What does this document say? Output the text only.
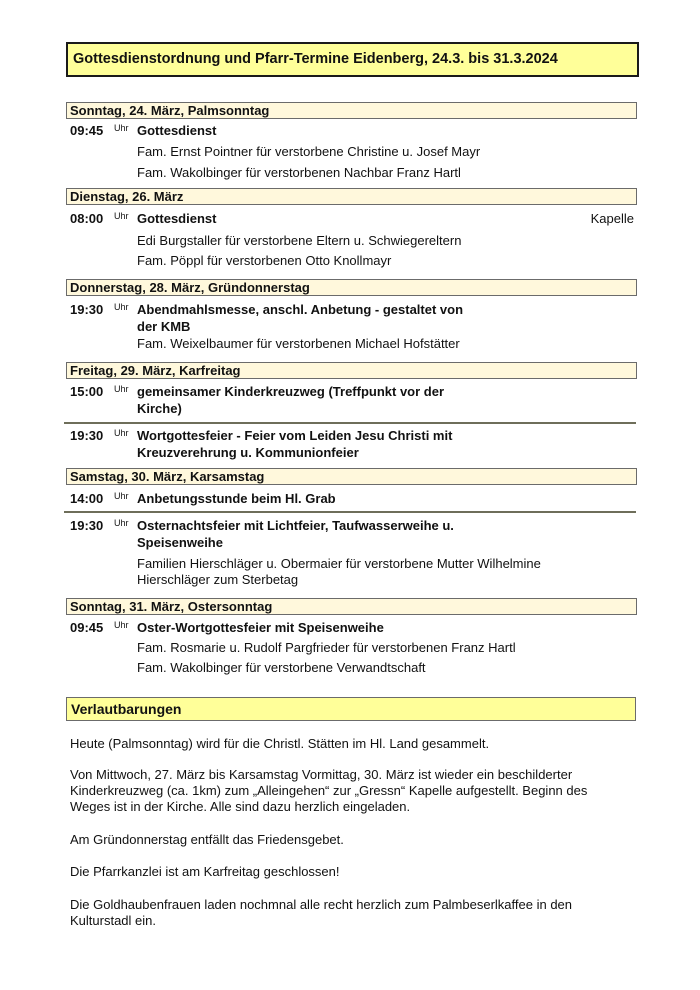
Gottesdienstordnung und Pfarr-Termine Eidenberg, 24.3. bis 31.3.2024
Sonntag, 24. März, Palmsonntag
09:45 Uhr Gottesdienst
Fam. Ernst Pointner für verstorbene Christine u. Josef Mayr
Fam. Wakolbinger für verstorbenen Nachbar Franz Hartl
Dienstag, 26. März
08:00 Uhr Gottesdienst	Kapelle
Edi Burgstaller für verstorbene Eltern u. Schwiegereltern
Fam. Pöppl für verstorbenen Otto Knollmayr
Donnerstag, 28. März, Gründonnerstag
19:30 Uhr Abendmahlsmesse, anschl. Anbetung - gestaltet von
der KMB
Fam. Weixelbaumer für verstorbenen Michael Hofstätter
Freitag, 29. März, Karfreitag
15:00 Uhr gemeinsamer Kinderkreuzweg (Treffpunkt vor der
Kirche)
19:30 Uhr Wortgottesfeier - Feier vom Leiden Jesu Christi mit
Kreuzverehrung u. Kommunionfeier
Samstag, 30. März, Karsamstag
14:00 Uhr Anbetungsstunde beim Hl. Grab
19:30 Uhr Osternachtsfeier mit Lichtfeier, Taufwasserweihe u.
Speisenweihe
Familien Hierschläger u. Obermaier für verstorbene Mutter Wilhelmine
Hierschläger zum Sterbetag
Sonntag, 31. März, Ostersonntag
09:45 Uhr Oster-Wortgottesfeier mit Speisenweihe
Fam. Rosmarie u. Rudolf Pargfrieder für verstorbenen Franz Hartl
Fam. Wakolbinger für verstorbene Verwandtschaft
Verlautbarungen
Heute (Palmsonntag) wird für die Christl. Stätten im Hl. Land gesammelt.
Von Mittwoch, 27. März bis Karsamstag Vormittag, 30. März ist wieder ein beschilderter
Kinderkreuzweg (ca. 1km) zum „Alleingehen“ zur „Gressn“ Kapelle aufgestellt. Beginn des
Weges ist in der Kirche. Alle sind dazu herzlich eingeladen.
Am Gründonnerstag entfällt das Friedensgebet.
Die Pfarrkanzlei ist am Karfreitag geschlossen!
Die Goldhaubenfrauen laden nochmnal alle recht herzlich zum Palmbeserlkaffee in den
Kulturstadl ein.
